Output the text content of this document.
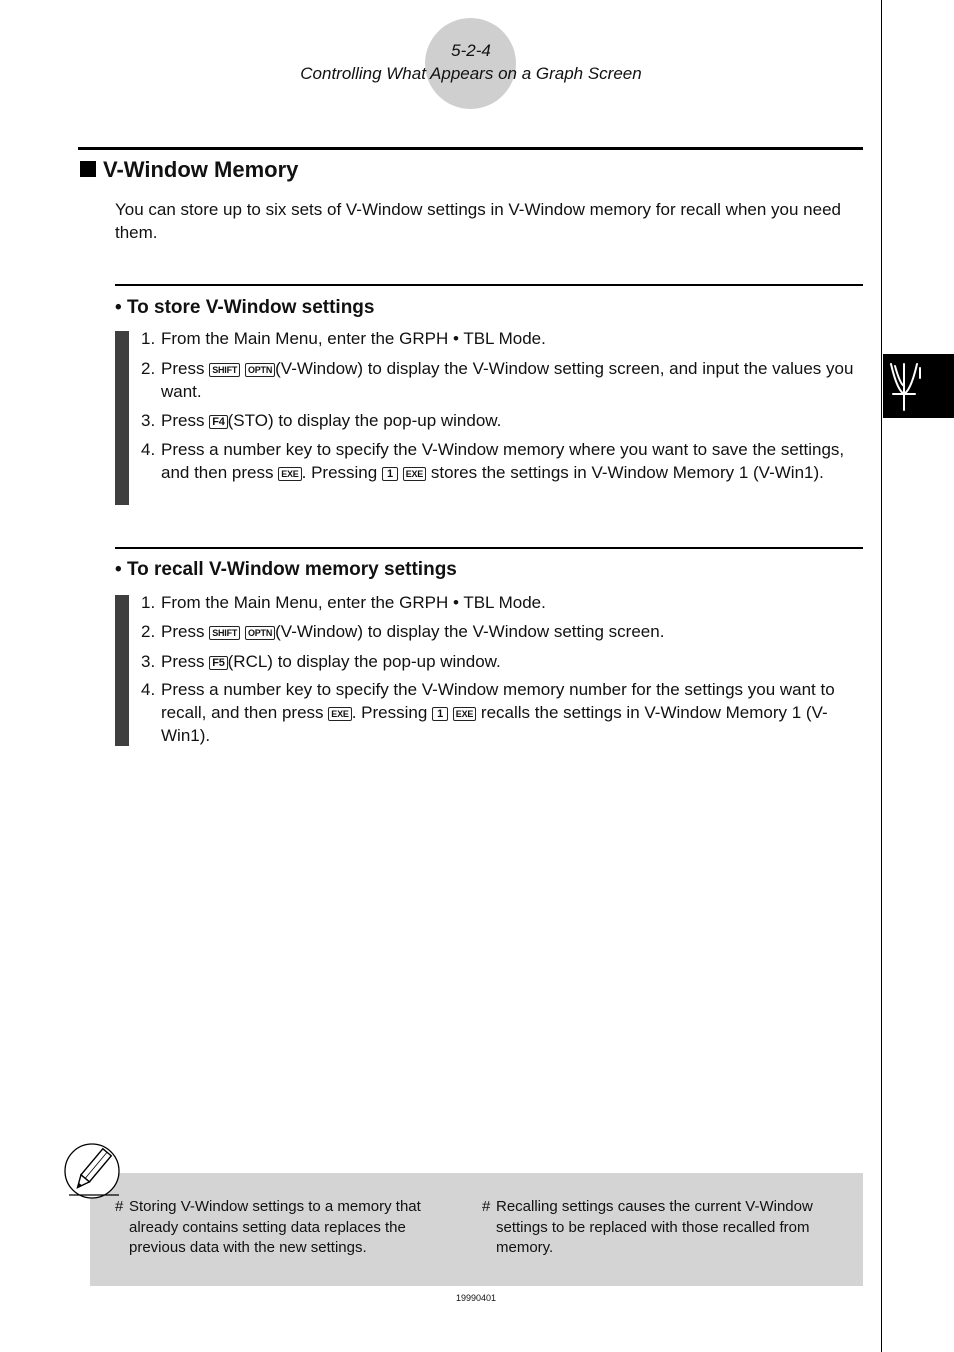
5-2-4
Controlling What Appears on a Graph Screen
V-Window Memory
You can store up to six sets of V-Window settings in V-Window memory for recall when you need them.
• To store V-Window settings
1. From the Main Menu, enter the GRPH • TBL Mode.
2. Press SHIFT OPTN (V-Window) to display the V-Window setting screen, and input the values you want.
3. Press F4 (STO) to display the pop-up window.
4. Press a number key to specify the V-Window memory where you want to save the settings, and then press EXE . Pressing 1 EXE stores the settings in V-Window Memory 1 (V-Win1).
• To recall V-Window memory settings
1. From the Main Menu, enter the GRPH • TBL Mode.
2. Press SHIFT OPTN (V-Window) to display the V-Window setting screen.
3. Press F5 (RCL) to display the pop-up window.
4. Press a number key to specify the V-Window memory number for the settings you want to recall, and then press EXE . Pressing 1 EXE recalls the settings in V-Window Memory 1 (V-Win1).
# Storing V-Window settings to a memory that already contains setting data replaces the previous data with the new settings.
# Recalling settings causes the current V-Window settings to be replaced with those recalled from memory.
19990401
